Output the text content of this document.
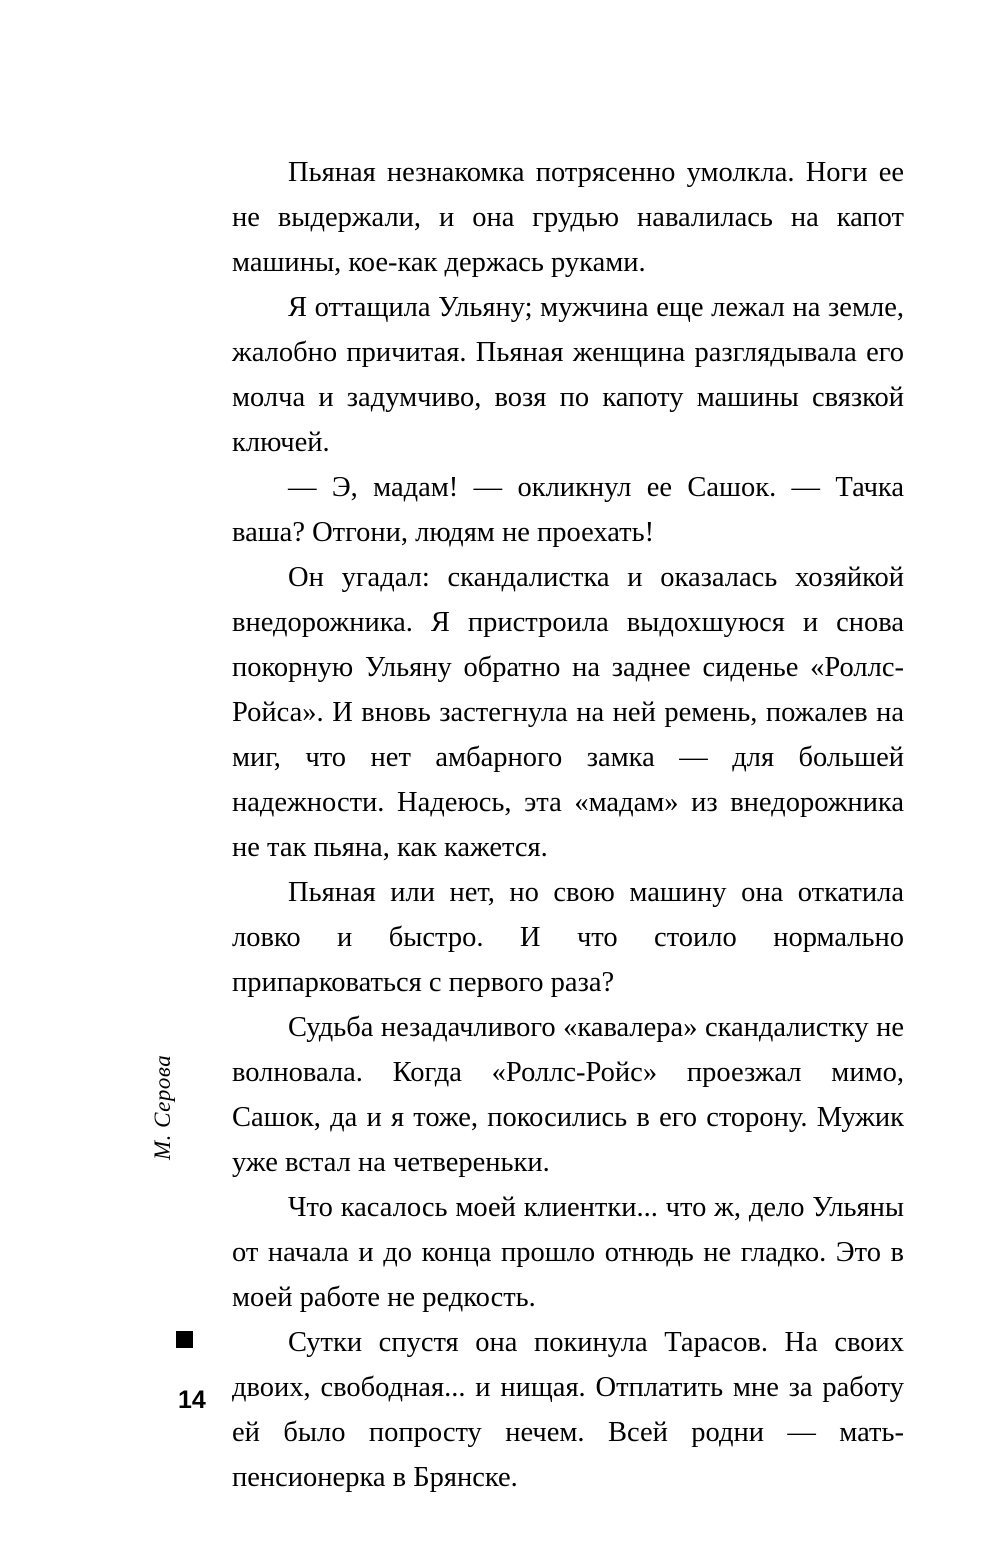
М. Серова
14

Пьяная незнакомка потрясенно умолкла. Ноги ее не выдержали, и она грудью навалилась на капот машины, кое-как держась руками.

Я оттащила Ульяну; мужчина еще лежал на земле, жалобно причитая. Пьяная женщина разглядывала его молча и задумчиво, возя по капоту машины связкой ключей.

— Э, мадам! — окликнул ее Сашок. — Тачка ваша? Отгони, людям не проехать!

Он угадал: скандалистка и оказалась хозяйкой внедорожника. Я пристроила выдохшуюся и снова покорную Ульяну обратно на заднее сиденье «Роллс-Ройса». И вновь застегнула на ней ремень, пожалев на миг, что нет амбарного замка — для большей надежности. Надеюсь, эта «мадам» из внедорожника не так пьяна, как кажется.

Пьяная или нет, но свою машину она откатила ловко и быстро. И что стоило нормально припарковаться с первого раза?

Судьба незадачливого «кавалера» скандалистку не волновала. Когда «Роллс-Ройс» проезжал мимо, Сашок, да и я тоже, покосились в его сторону. Мужик уже встал на четвереньки.

Что касалось моей клиентки... что ж, дело Ульяны от начала и до конца прошло отнюдь не гладко. Это в моей работе не редкость.

Сутки спустя она покинула Тарасов. На своих двоих, свободная... и нищая. Отплатить мне за работу ей было попросту нечем. Всей родни — мать-пенсионерка в Брянске.
